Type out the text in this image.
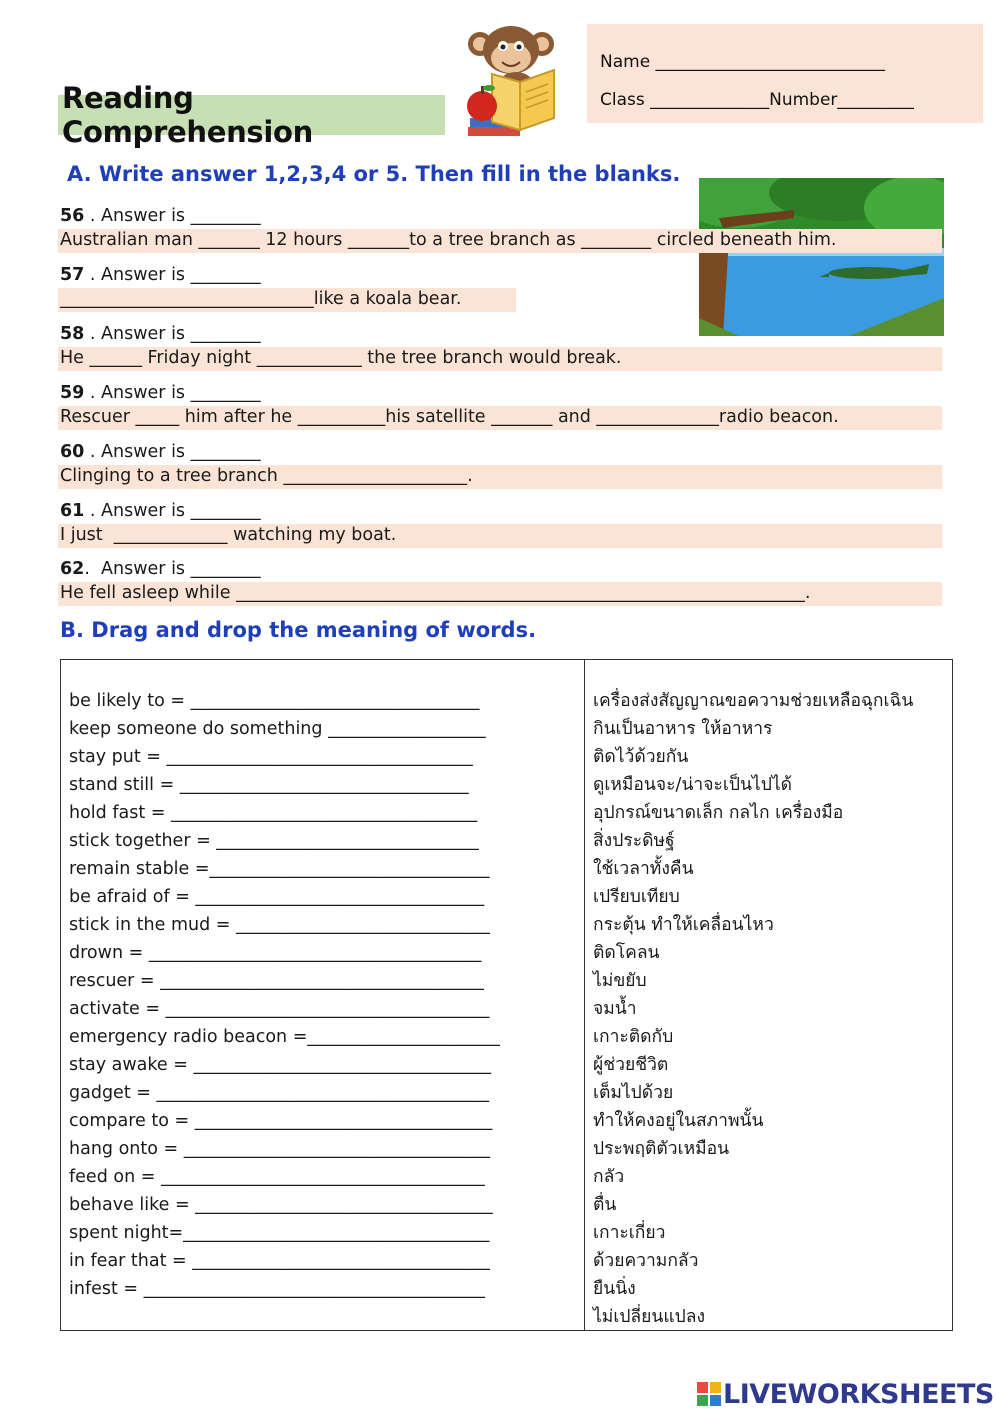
Reading Comprehension
Name ___________________________
Class ______________Number_________
A. Write answer 1,2,3,4 or 5. Then fill in the blanks.
56 . Answer is ________
Australian man _______ 12 hours _______to a tree branch as ________ circled beneath him.
57 . Answer is ________
_____________________________like a koala bear.
58 . Answer is ________
He ______ Friday night ____________ the tree branch would break.
59 . Answer is ________
Rescuer _____ him after he __________his satellite _______ and ______________radio beacon.
60 . Answer is ________
Clinging to a tree branch _____________________.
61 . Answer is ________
I just  _____________ watching my boat.
62.  Answer is ________
He fell asleep while _________________________________________________________________.
B. Drag and drop the meaning of words.
be likely to = _________________________________
keep someone do something __________________
stay put = ___________________________________
stand still = _________________________________
hold fast = ___________________________________
stick together = ______________________________
remain stable =________________________________
be afraid of = _________________________________
stick in the mud = _____________________________
drown = ______________________________________
rescuer = _____________________________________
activate = _____________________________________
emergency radio beacon =______________________
stay awake = __________________________________
gadget = ______________________________________
compare to = __________________________________
hang onto = ___________________________________
feed on = _____________________________________
behave like = __________________________________
spent night=___________________________________
in fear that = __________________________________
infest = _______________________________________
เครื่องส่งสัญญาณขอความช่วยเหลือฉุกเฉิน
กินเป็นอาหาร ให้อาหาร
ติดไว้ด้วยกัน
ดูเหมือนจะ/น่าจะเป็นไปได้
อุปกรณ์ขนาดเล็ก กลไก เครื่องมือ
สิ่งประดิษฐ์
ใช้เวลาทั้งคืน
เปรียบเทียบ
กระตุ้น ทำให้เคลื่อนไหว
ติดโคลน
ไม่ขยับ
จมน้ำ
เกาะติดกับ
ผู้ช่วยชีวิต
เต็มไปด้วย
ทำให้คงอยู่ในสภาพนั้น
ประพฤติตัวเหมือน
กลัว
ตื่น
เกาะเกี่ยว
ด้วยความกลัว
ยืนนิ่ง
ไม่เปลี่ยนแปลง
LIVEWORKSHEETS
